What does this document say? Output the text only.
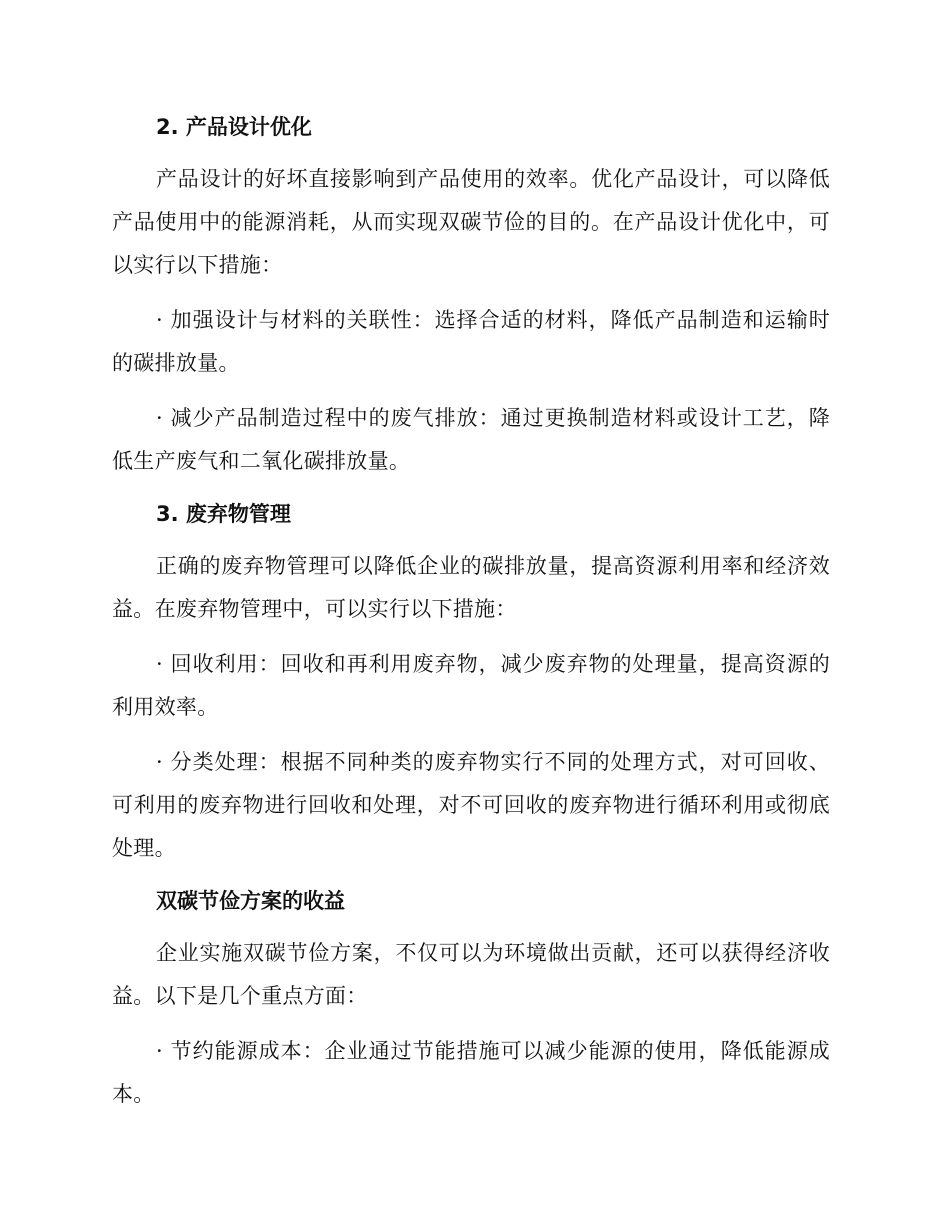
2. 产品设计优化

产品设计的好坏直接影响到产品使用的效率。优化产品设计，可以降低产品使用中的能源消耗，从而实现双碳节俭的目的。在产品设计优化中，可以实行以下措施：

· 加强设计与材料的关联性：选择合适的材料，降低产品制造和运输时的碳排放量。

· 减少产品制造过程中的废气排放：通过更换制造材料或设计工艺，降低生产废气和二氧化碳排放量。

3. 废弃物管理

正确的废弃物管理可以降低企业的碳排放量，提高资源利用率和经济效益。在废弃物管理中，可以实行以下措施：

· 回收利用：回收和再利用废弃物，减少废弃物的处理量，提高资源的利用效率。

· 分类处理：根据不同种类的废弃物实行不同的处理方式，对可回收、可利用的废弃物进行回收和处理，对不可回收的废弃物进行循环利用或彻底处理。

双碳节俭方案的收益

企业实施双碳节俭方案，不仅可以为环境做出贡献，还可以获得经济收益。以下是几个重点方面：

· 节约能源成本：企业通过节能措施可以减少能源的使用，降低能源成本。
